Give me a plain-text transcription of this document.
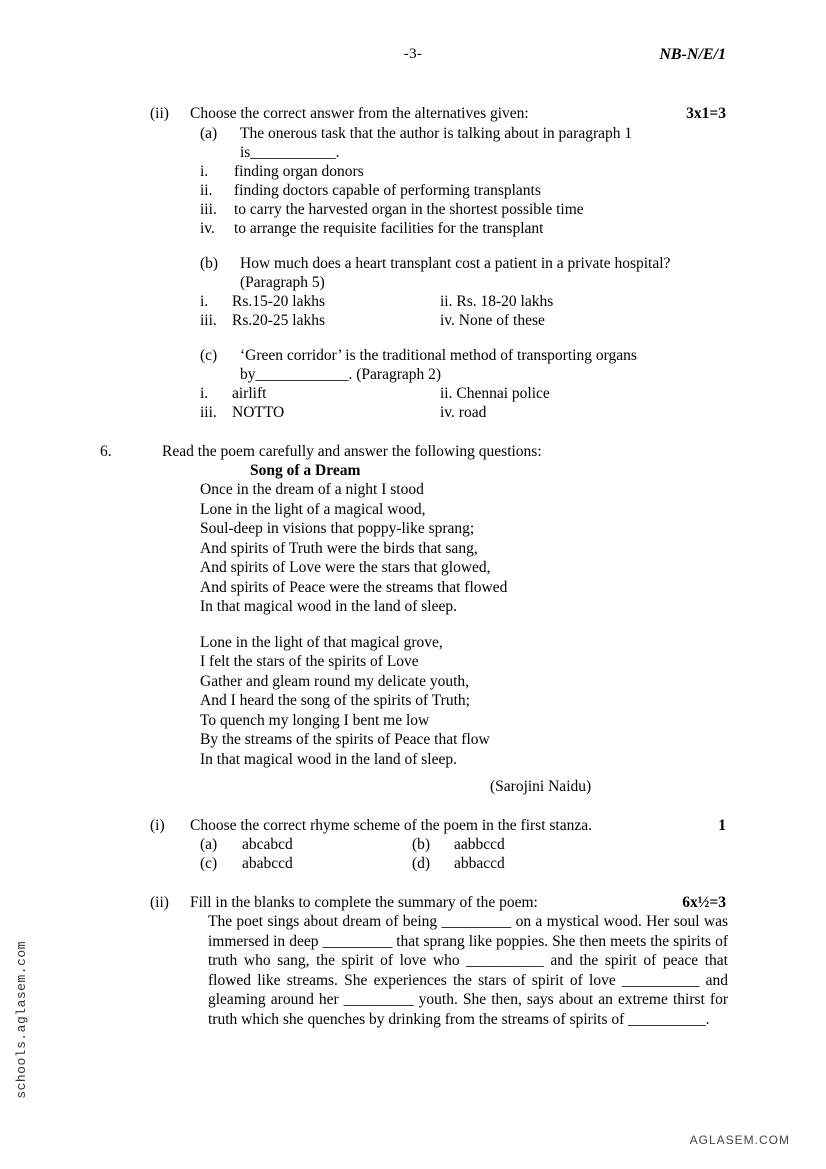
-3-	NB-N/E/1
schools.aglasem.com
AGLASEM.COM
(ii) Choose the correct answer from the alternatives given:	3x1=3
(a) The onerous task that the author is talking about in paragraph 1
is___________.
i. finding organ donors
ii. finding doctors capable of performing transplants
iii. to carry the harvested organ in the shortest possible time
iv. to arrange the requisite facilities for the transplant
(b) How much does a heart transplant cost a patient in a private hospital?
(Paragraph 5)
i. Rs.15-20 lakhs	ii. Rs. 18-20 lakhs
iii. Rs.20-25 lakhs	iv. None of these
(c) ‘Green corridor’ is the traditional method of transporting organs
by____________. (Paragraph 2)
i. airlift	ii. Chennai police
iii. NOTTO	iv. road
6.	Read the poem carefully and answer the following questions:
Song of a Dream
Once in the dream of a night I stood
Lone in the light of a magical wood,
Soul-deep in visions that poppy-like sprang;
And spirits of Truth were the birds that sang,
And spirits of Love were the stars that glowed,
And spirits of Peace were the streams that flowed
In that magical wood in the land of sleep.
Lone in the light of that magical grove,
I felt the stars of the spirits of Love
Gather and gleam round my delicate youth,
And I heard the song of the spirits of Truth;
To quench my longing I bent me low
By the streams of the spirits of Peace that flow
In that magical wood in the land of sleep.
(Sarojini Naidu)
(i) Choose the correct rhyme scheme of the poem in the first stanza.	1
(a) abcabcd	(b) aabbccd
(c) ababccd	(d) abbaccd
(ii) Fill in the blanks to complete the summary of the poem:	6x½=3
The poet sings about dream of being _________ on a mystical wood. Her soul was immersed in deep _________ that sprang like poppies. She then meets the spirits of truth who sang, the spirit of love who __________ and the spirit of peace that flowed like streams. She experiences the stars of spirit of love __________ and gleaming around her _________ youth. She then, says about an extreme thirst for truth which she quenches by drinking from the streams of spirits of __________.
